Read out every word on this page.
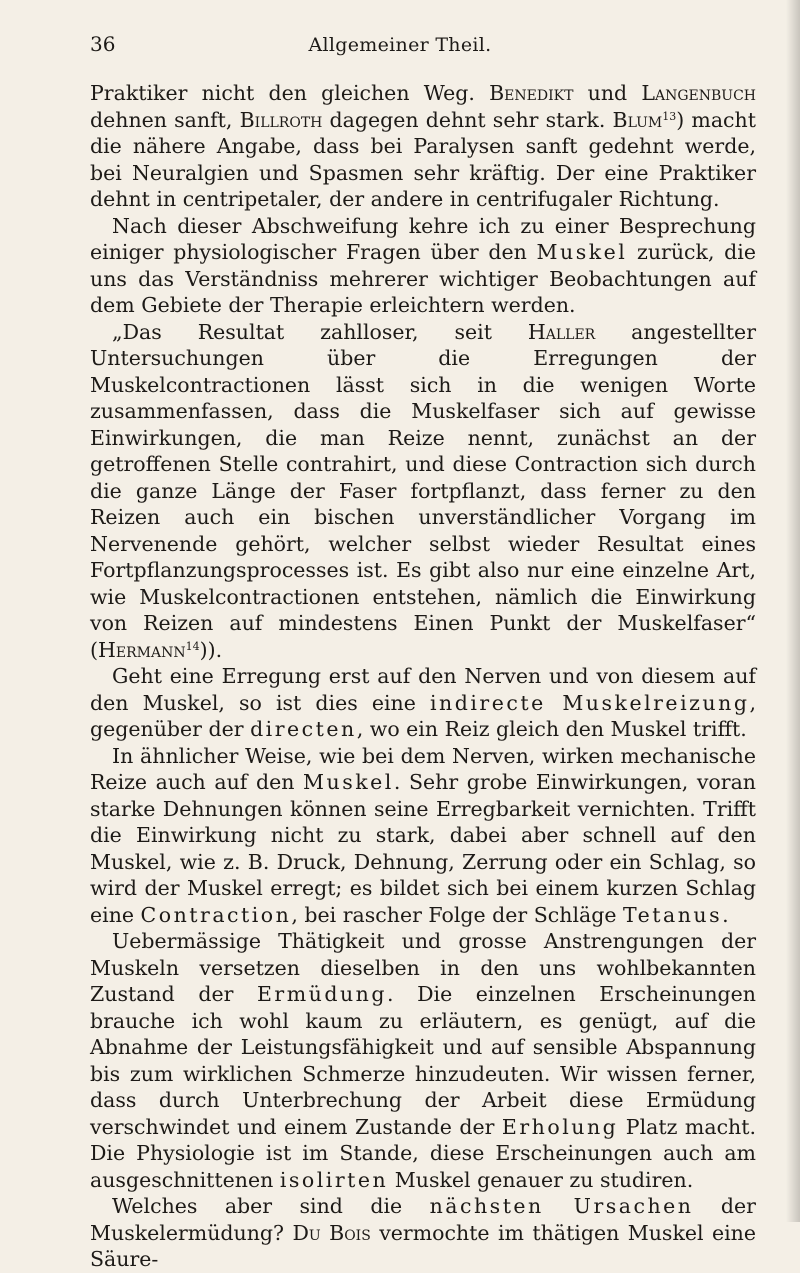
36	Allgemeiner Theil.

Praktiker nicht den gleichen Weg. Benedikt und Langenbuch dehnen sanft, Billroth dagegen dehnt sehr stark. Blum$^{13}$) macht die nähere Angabe, dass bei Paralysen sanft gedehnt werde, bei Neuralgien und Spasmen sehr kräftig. Der eine Praktiker dehnt in centripetaler, der andere in centrifugaler Richtung.

Nach dieser Abschweifung kehre ich zu einer Besprechung einiger physiologischer Fragen über den Muskel zurück, die uns das Verständniss mehrerer wichtiger Beobachtungen auf dem Gebiete der Therapie erleichtern werden.

„Das Resultat zahlloser, seit Haller angestellter Untersuchungen über die Erregungen der Muskelcontractionen lässt sich in die wenigen Worte zusammenfassen, dass die Muskelfaser sich auf gewisse Einwirkungen, die man Reize nennt, zunächst an der getroffenen Stelle contrahirt, und diese Contraction sich durch die ganze Länge der Faser fortpflanzt, dass ferner zu den Reizen auch ein bischen unverständlicher Vorgang im Nervenende gehört, welcher selbst wieder Resultat eines Fortpflanzungsprocesses ist. Es gibt also nur eine einzelne Art, wie Muskelcontractionen entstehen, nämlich die Einwirkung von Reizen auf mindestens Einen Punkt der Muskelfaser“ (Hermann$^{14}$)).

Geht eine Erregung erst auf den Nerven und von diesem auf den Muskel, so ist dies eine indirecte Muskelreizung, gegenüber der directen, wo ein Reiz gleich den Muskel trifft.

In ähnlicher Weise, wie bei dem Nerven, wirken mechanische Reize auch auf den Muskel. Sehr grobe Einwirkungen, voran starke Dehnungen können seine Erregbarkeit vernichten. Trifft die Einwirkung nicht zu stark, dabei aber schnell auf den Muskel, wie z. B. Druck, Dehnung, Zerrung oder ein Schlag, so wird der Muskel erregt; es bildet sich bei einem kurzen Schlag eine Contraction, bei rascher Folge der Schläge Tetanus.

Uebermässige Thätigkeit und grosse Anstrengungen der Muskeln versetzen dieselben in den uns wohlbekannten Zustand der Ermüdung. Die einzelnen Erscheinungen brauche ich wohl kaum zu erläutern, es genügt, auf die Abnahme der Leistungsfähigkeit und auf sensible Abspannung bis zum wirklichen Schmerze hinzudeuten. Wir wissen ferner, dass durch Unterbrechung der Arbeit diese Ermüdung verschwindet und einem Zustande der Erholung Platz macht. Die Physiologie ist im Stande, diese Erscheinungen auch am ausgeschnittenen isolirten Muskel genauer zu studiren.

Welches aber sind die nächsten Ursachen der Muskelermüdung? Du Bois vermochte im thätigen Muskel eine Säure-
